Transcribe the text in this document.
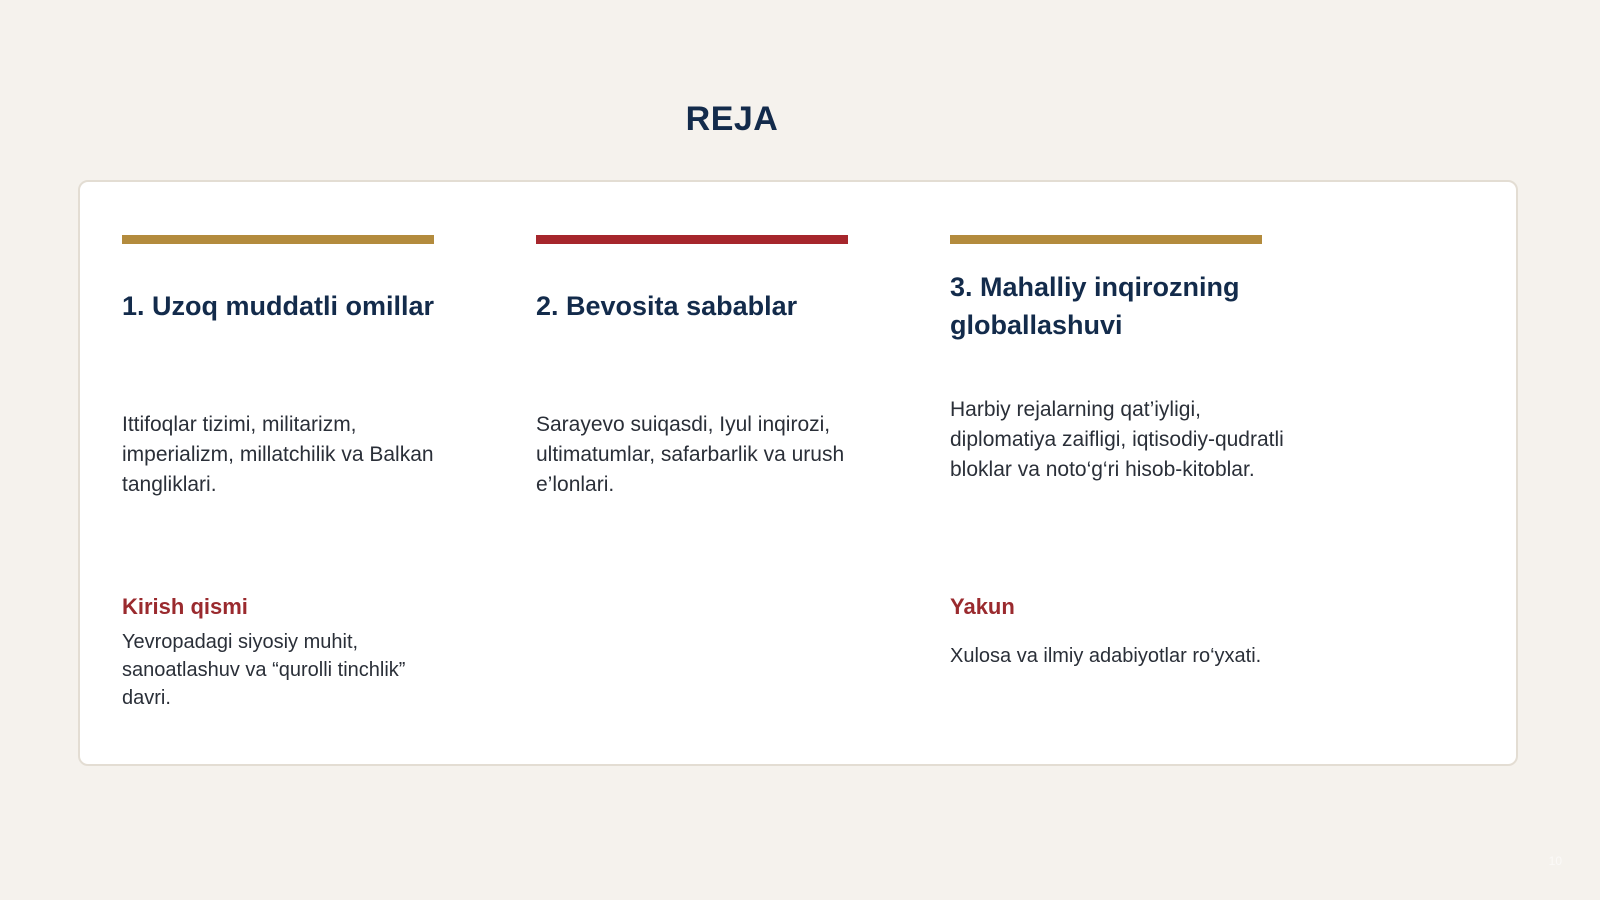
REJA
1. Uzoq muddatli omillar
Ittifoqlar tizimi, militarizm, imperializm, millatchilik va Balkan tangliklari.
Kirish qismi
Yevropadagi siyosiy muhit, sanoatlashuv va “qurolli tinchlik” davri.
2. Bevosita sabablar
Sarayevo suiqasdi, Iyul inqirozi, ultimatumlar, safarbarlik va urush e’lonlari.
3. Mahalliy inqirozning globallashuvi
Harbiy rejalarning qat’iyligi, diplomatiya zaifligi, iqtisodiy-qudratli bloklar va noto‘g‘ri hisob-kitoblar.
Yakun
Xulosa va ilmiy adabiyotlar ro‘yxati.
10
